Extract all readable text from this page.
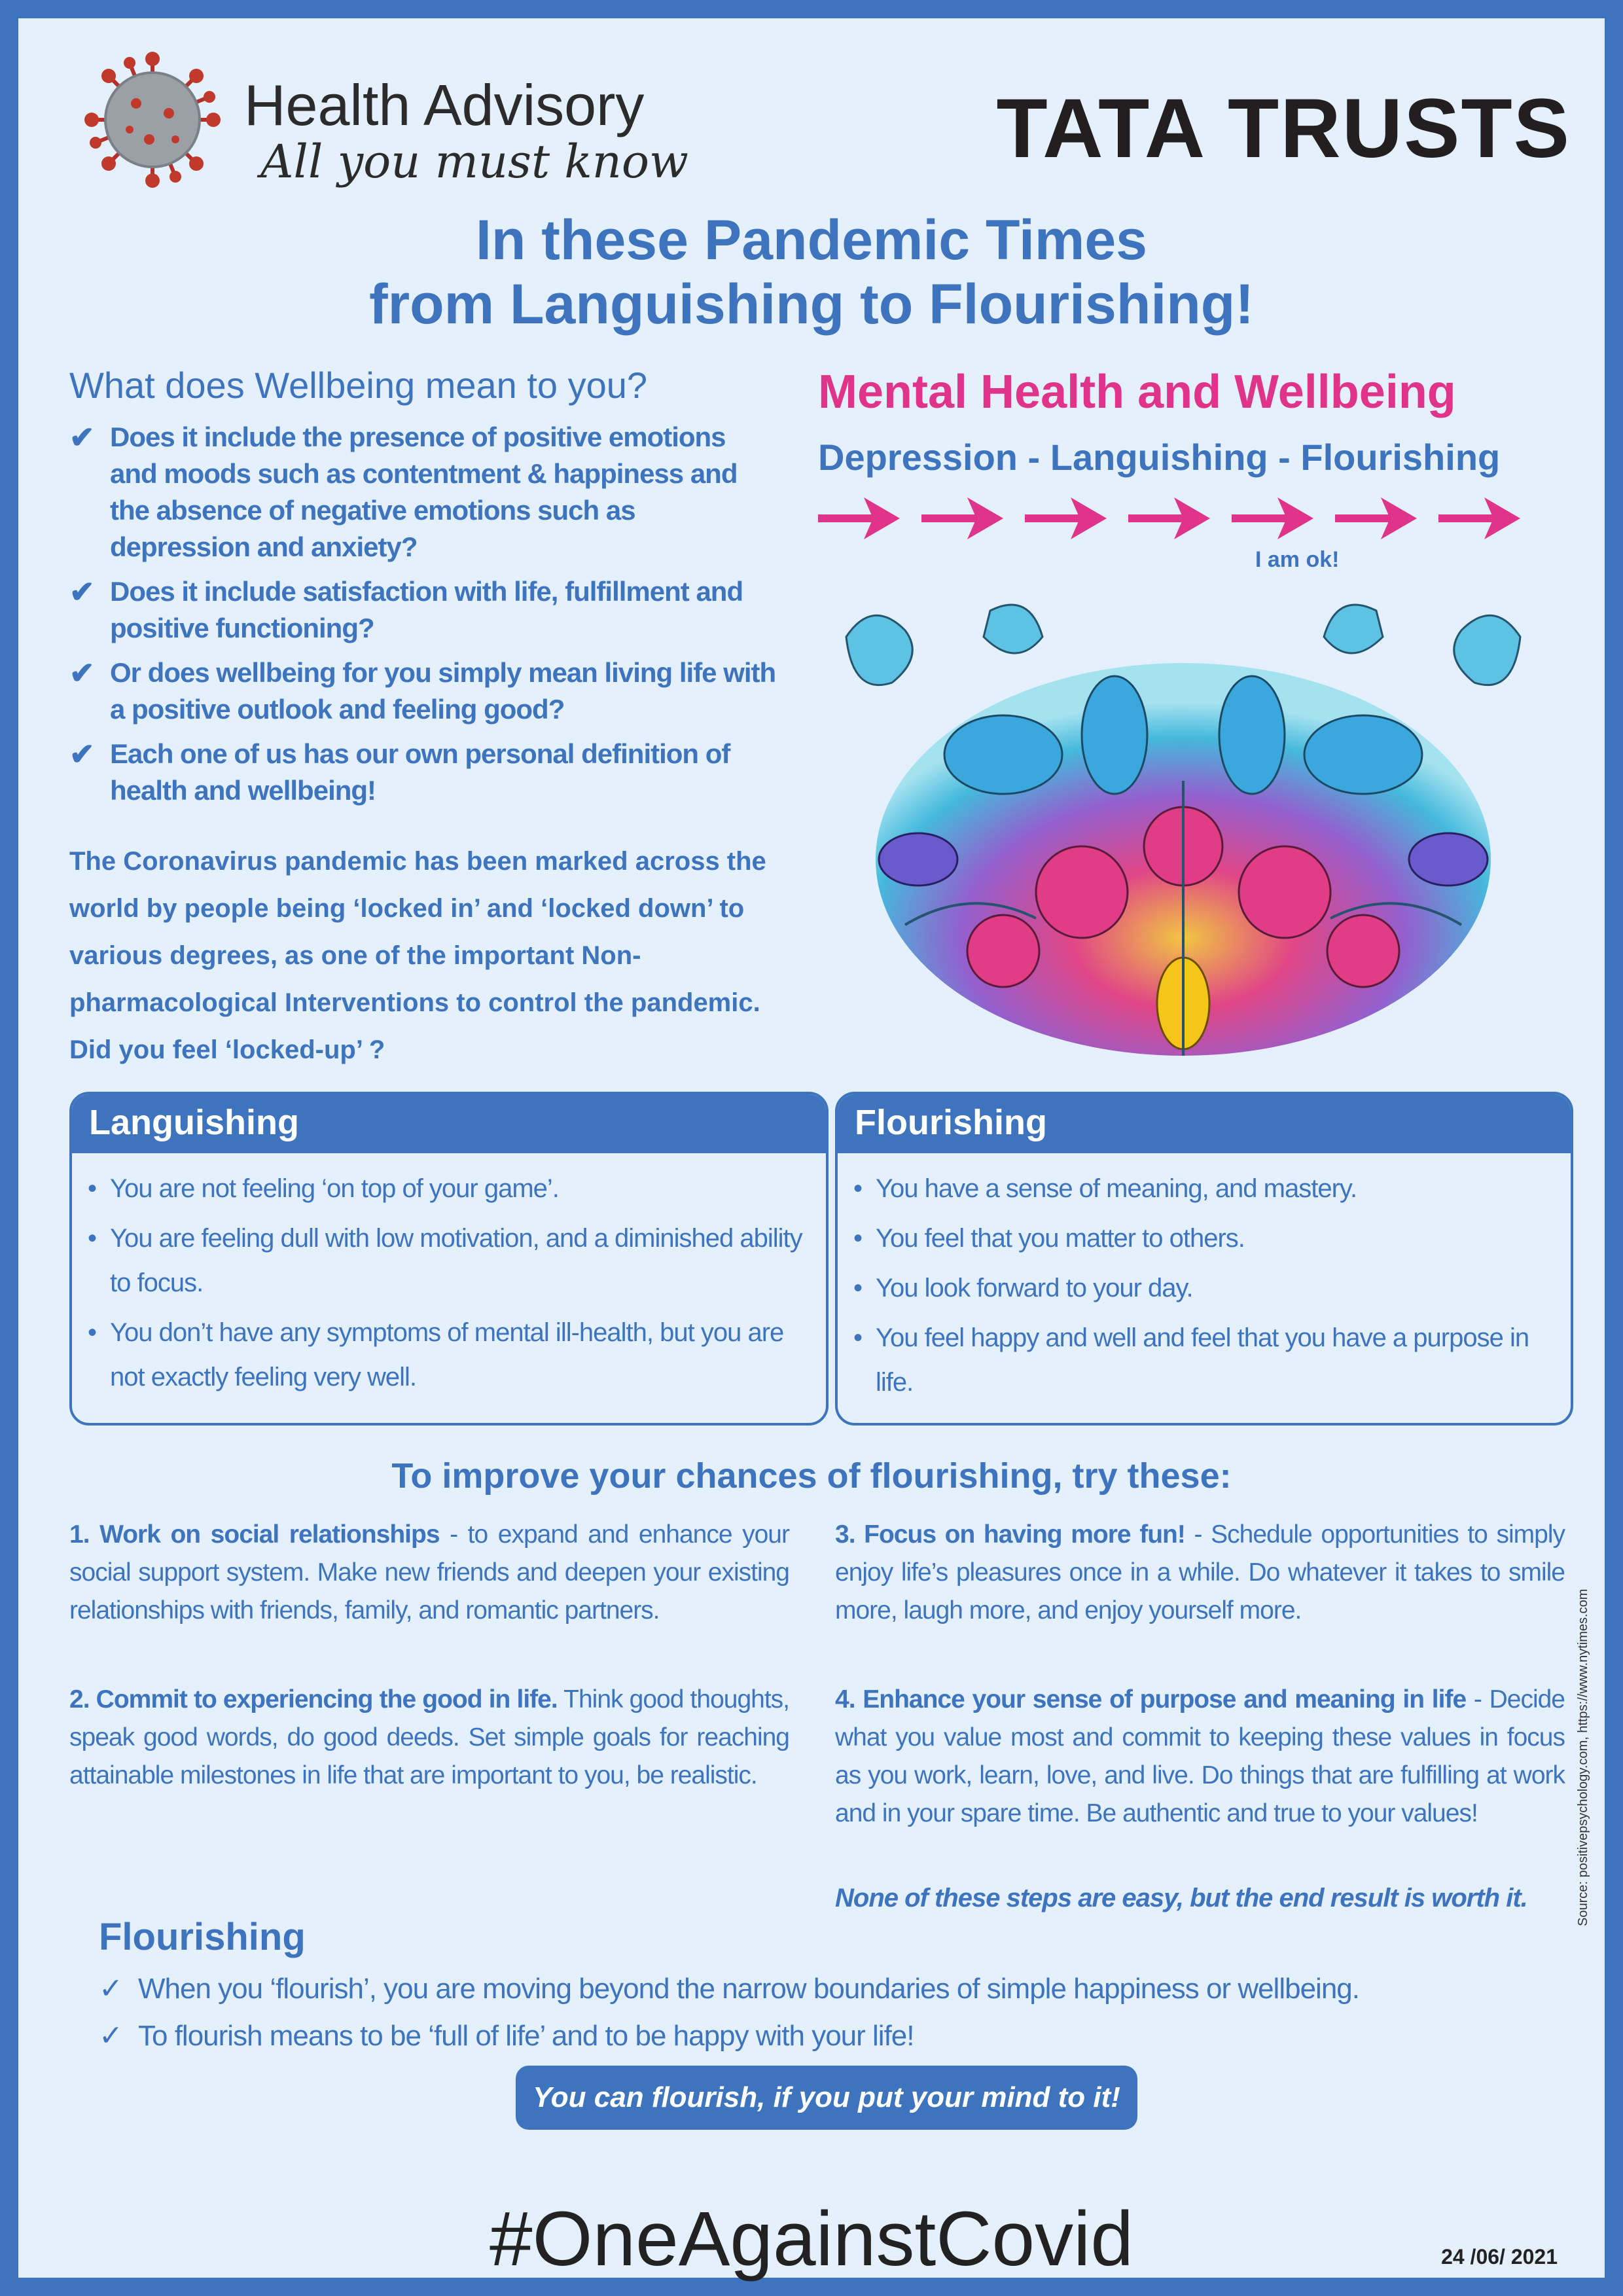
Health Advisory
All you must know	TATA TRUSTS
In these Pandemic Times
from Languishing to Flourishing!
What does Wellbeing mean to you?
✔ Does it include the presence of positive emotions and moods such as contentment & happiness and the absence of negative emotions such as depression and anxiety?
✔ Does it include satisfaction with life, fulfillment and positive functioning?
✔ Or does wellbeing for you simply mean living life with a positive outlook and feeling good?
✔ Each one of us has our own personal definition of health and wellbeing!
The Coronavirus pandemic has been marked across the world by people being ‘locked in’ and ‘locked down’ to various degrees, as one of the important Non-pharmacological Interventions to control the pandemic. Did you feel ‘locked-up’ ?
Mental Health and Wellbeing
Depression - Languishing - Flourishing
I am ok!
Languishing
• You are not feeling ‘on top of your game’.
• You are feeling dull with low motivation, and a diminished ability to focus.
• You don’t have any symptoms of mental ill-health, but you are not exactly feeling very well.
Flourishing
• You have a sense of meaning, and mastery.
• You feel that you matter to others.
• You look forward to your day.
• You feel happy and well and feel that you have a purpose in life.
To improve your chances of flourishing, try these:
1. Work on social relationships - to expand and enhance your social support system. Make new friends and deepen your existing relationships with friends, family, and romantic partners.
2. Commit to experiencing the good in life. Think good thoughts, speak good words, do good deeds. Set simple goals for reaching attainable milestones in life that are important to you, be realistic.
3. Focus on having more fun! - Schedule opportunities to simply enjoy life’s pleasures once in a while. Do whatever it takes to smile more, laugh more, and enjoy yourself more.
4. Enhance your sense of purpose and meaning in life - Decide what you value most and commit to keeping these values in focus as you work, learn, love, and live. Do things that are fulfilling at work and in your spare time. Be authentic and true to your values!
None of these steps are easy, but the end result is worth it.	Source: positivepsychology.com, https://www.nytimes.com
Flourishing
✓ When you ‘flourish’, you are moving beyond the narrow boundaries of simple happiness or wellbeing.
✓ To flourish means to be ‘full of life’ and to be happy with your life!
You can flourish, if you put your mind to it!
#OneAgainstCovid	24 /06/ 2021
